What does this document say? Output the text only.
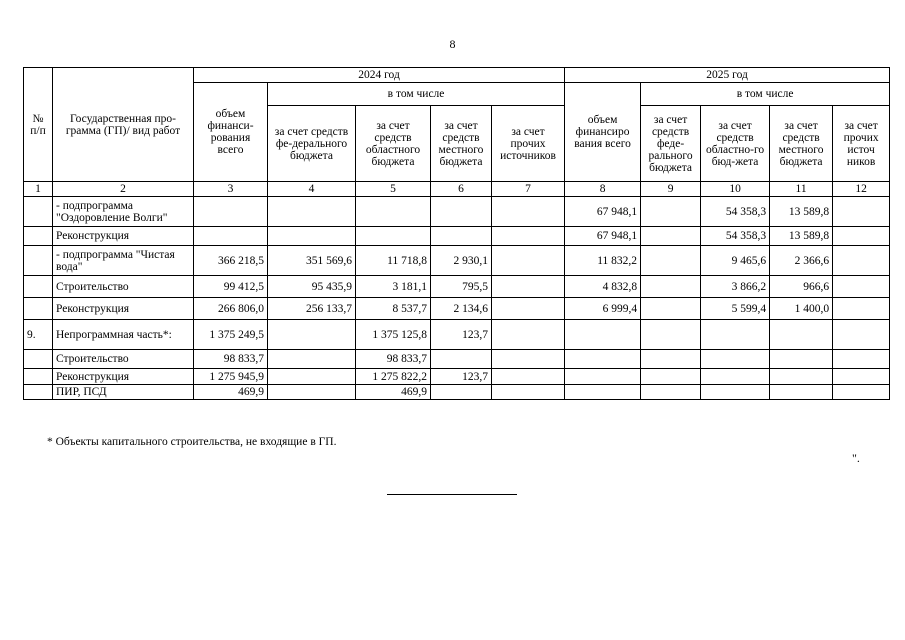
8
№ п/п	Государственная про-грамма (ГП)/ вид работ	2024 год					2025 год				
		объем финанси-рования всего	в том числе				объем финансиро вания всего	в том числе			
			за счет средств фе-дерального бюджета	за счет средств областного бюджета	за счет средств местного бюджета	за счет прочих источников		за счет средств феде-рального бюджета	за счет средств областно-го бюд-жета	за счет средств местного бюджета	за счет прочих источ ников
1	2	3	4	5	6	7	8	9	10	11	12
	- подпрограмма "Оздоровление Волги"						67 948,1		54 358,3	13 589,8	
	Реконструкция						67 948,1		54 358,3	13 589,8	
	- подпрограмма "Чистая вода"	366 218,5	351 569,6	11 718,8	2 930,1		11 832,2		9 465,6	2 366,6	
	Строительство	99 412,5	95 435,9	3 181,1	795,5		4 832,8		3 866,2	966,6	
	Реконструкция	266 806,0	256 133,7	8 537,7	2 134,6		6 999,4		5 599,4	1 400,0	
9.	Непрограммная часть*:	1 375 249,5		1 375 125,8	123,7						
	Строительство	98 833,7		98 833,7							
	Реконструкция	1 275 945,9		1 275 822,2	123,7						
	ПИР, ПСД	469,9		469,9							
* Объекты капитального строительства, не входящие в ГП.
".
